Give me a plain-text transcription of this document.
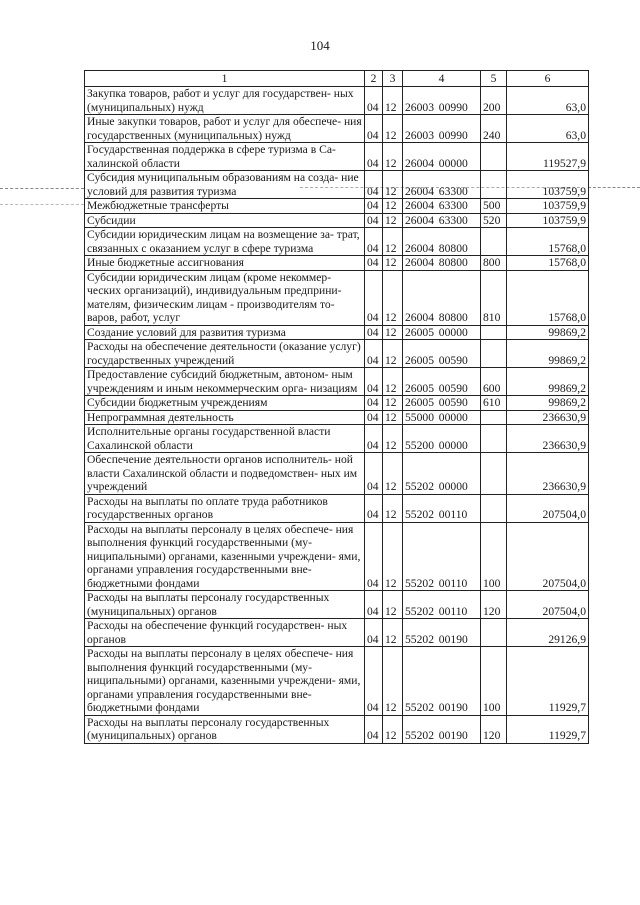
104
1	2	3	4	5	6
Закупка товаров, работ и услуг для государствен- ных (муниципальных) нужд	04	12	26003 00990	200	63,0
Иные закупки товаров, работ и услуг для обеспече- ния государственных (муниципальных) нужд	04	12	26003 00990	240	63,0
Государственная поддержка в сфере туризма в Са- халинской области	04	12	26004 00000		119527,9
Субсидия муниципальным образованиям на созда- ние условий для развития туризма	04	12	26004 63300		103759,9
Межбюджетные трансферты	04	12	26004 63300	500	103759,9
Субсидии	04	12	26004 63300	520	103759,9
Субсидии юридическим лицам на возмещение за- трат, связанных с оказанием услуг в сфере туризма	04	12	26004 80800		15768,0
Иные бюджетные ассигнования	04	12	26004 80800	800	15768,0
Субсидии юридическим лицам (кроме некоммер- ческих организаций), индивидуальным предприни- мателям, физическим лицам - производителям то- варов, работ, услуг	04	12	26004 80800	810	15768,0
Создание условий для развития туризма	04	12	26005 00000		99869,2
Расходы на обеспечение деятельности (оказание услуг) государственных учреждений	04	12	26005 00590		99869,2
Предоставление субсидий бюджетным, автоном- ным учреждениям и иным некоммерческим орга- низациям	04	12	26005 00590	600	99869,2
Субсидии бюджетным учреждениям	04	12	26005 00590	610	99869,2
Непрограммная деятельность	04	12	55000 00000		236630,9
Исполнительные органы государственной власти Сахалинской области	04	12	55200 00000		236630,9
Обеспечение деятельности органов исполнитель- ной власти Сахалинской области и подведомствен- ных им учреждений	04	12	55202 00000		236630,9
Расходы на выплаты по оплате труда работников государственных органов	04	12	55202 00110		207504,0
Расходы на выплаты персоналу в целях обеспече- ния выполнения функций государственными (му- ниципальными) органами, казенными учреждени- ями, органами управления государственными вне- бюджетными фондами	04	12	55202 00110	100	207504,0
Расходы на выплаты персоналу государственных (муниципальных) органов	04	12	55202 00110	120	207504,0
Расходы на обеспечение функций государствен- ных органов	04	12	55202 00190		29126,9
Расходы на выплаты персоналу в целях обеспече- ния выполнения функций государственными (му- ниципальными) органами, казенными учреждени- ями, органами управления государственными вне- бюджетными фондами	04	12	55202 00190	100	11929,7
Расходы на выплаты персоналу государственных (муниципальных) органов	04	12	55202 00190	120	11929,7
